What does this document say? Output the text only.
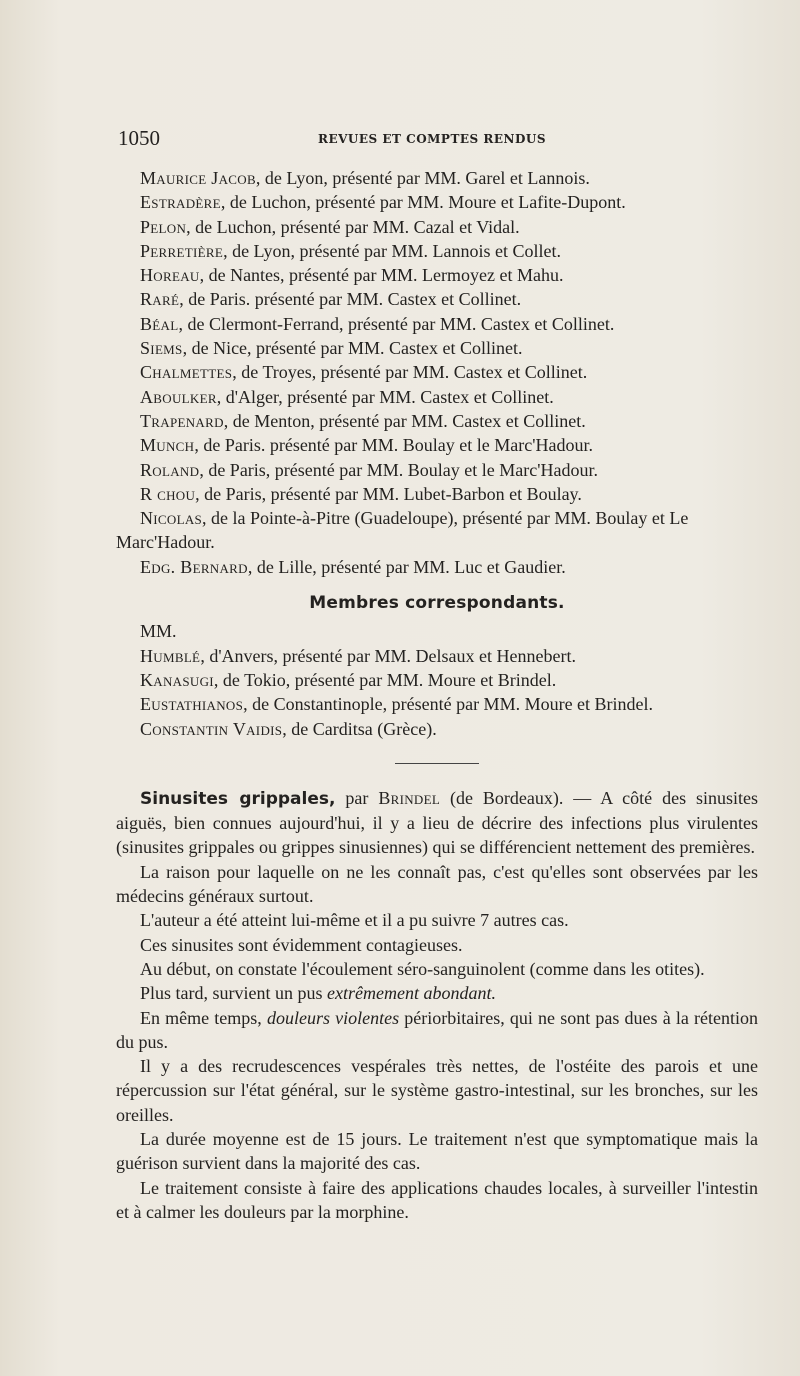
1050	REVUES ET COMPTES RENDUS
Maurice Jacob, de Lyon, présenté par MM. Garel et Lannois.
Estradère, de Luchon, présenté par MM. Moure et Lafite-Dupont.
Pelon, de Luchon, présenté par MM. Cazal et Vidal.
Perretière, de Lyon, présenté par MM. Lannois et Collet.
Horeau, de Nantes, présenté par MM. Lermoyez et Mahu.
Raré, de Paris. présenté par MM. Castex et Collinet.
Béal, de Clermont-Ferrand, présenté par MM. Castex et Collinet.
Siems, de Nice, présenté par MM. Castex et Collinet.
Chalmettes, de Troyes, présenté par MM. Castex et Collinet.
Aboulker, d'Alger, présenté par MM. Castex et Collinet.
Trapenard, de Menton, présenté par MM. Castex et Collinet.
Munch, de Paris. présenté par MM. Boulay et le Marc'Hadour.
Roland, de Paris, présenté par MM. Boulay et le Marc'Hadour.
R chou, de Paris, présenté par MM. Lubet-Barbon et Boulay.
Nicolas, de la Pointe-à-Pitre (Guadeloupe), présenté par MM. Boulay et Le Marc'Hadour.
Edg. Bernard, de Lille, présenté par MM. Luc et Gaudier.
Membres correspondants.
MM.
Humblé, d'Anvers, présenté par MM. Delsaux et Hennebert.
Kanasugi, de Tokio, présenté par MM. Moure et Brindel.
Eustathianos, de Constantinople, présenté par MM. Moure et Brindel.
Constantin Vaidis, de Carditsa (Grèce).
Sinusites grippales, par Brindel (de Bordeaux). — A côté des sinusites aiguës, bien connues aujourd'hui, il y a lieu de décrire des infections plus virulentes (sinusites grippales ou grippes sinusiennes) qui se différencient nettement des premières.
La raison pour laquelle on ne les connaît pas, c'est qu'elles sont observées par les médecins généraux surtout.
L'auteur a été atteint lui-même et il a pu suivre 7 autres cas.
Ces sinusites sont évidemment contagieuses.
Au début, on constate l'écoulement séro-sanguinolent (comme dans les otites).
Plus tard, survient un pus extrêmement abondant.
En même temps, douleurs violentes périorbitaires, qui ne sont pas dues à la rétention du pus.
Il y a des recrudescences vespérales très nettes, de l'ostéite des parois et une répercussion sur l'état général, sur le système gastro-intestinal, sur les bronches, sur les oreilles.
La durée moyenne est de 15 jours. Le traitement n'est que symptomatique mais la guérison survient dans la majorité des cas.
Le traitement consiste à faire des applications chaudes locales, à surveiller l'intestin et à calmer les douleurs par la morphine.
